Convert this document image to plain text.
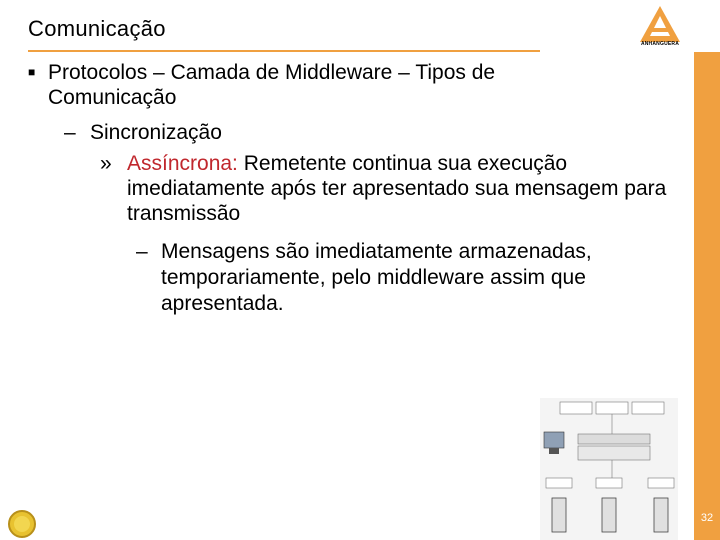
Comunicação
ANHANGUERA
32
■ Protocolos – Camada de Middleware – Tipos de Comunicação
– Sincronização
» Assíncrona: Remetente continua sua execução imediatamente após ter apresentado sua mensagem para transmissão
– Mensagens são imediatamente armazenadas, temporariamente, pelo middleware assim que apresentada.
